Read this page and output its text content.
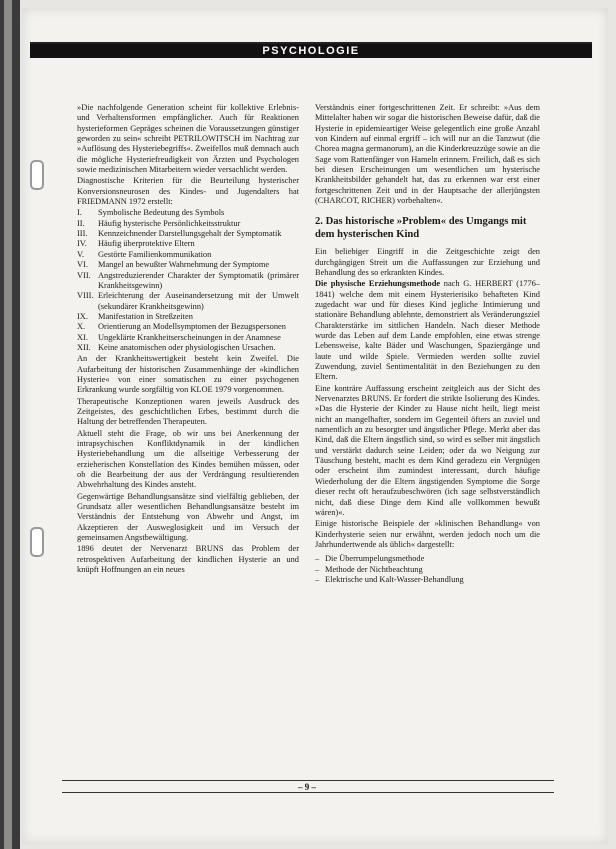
PSYCHOLOGIE

»Die nachfolgende Generation scheint für kollektive Erlebnis- und Verhaltensformen empfänglicher. Auch für Reaktionen hysterieformen Gepräges scheinen die Voraussetzungen günstiger geworden zu sein« schreibt PETRILOWITSCH im Nachtrag zur »Auflösung des Hysteriebegriffs«. Zweifellos muß demnach auch die mögliche Hysteriefreudigkeit von Ärzten und Psychologen sowie medizinischen Mitarbeitern wieder versachlicht werden.

Diagnostische Kriterien für die Beurteilung hysterischer Konversionsneurosen des Kindes- und Jugendalters hat FRIEDMANN 1972 erstellt:

I. Symbolische Bedeutung des Symbols
II. Häufig hysterische Persönlichkeitsstruktur
III. Kennzeichnender Darstellungsgehalt der Symptomatik
IV. Häufig überprotektive Eltern
V. Gestörte Familienkommunikation
VI. Mangel an bewußter Wahrnehmung der Symptome
VII. Angstreduzierender Charakter der Symptomatik (primärer Krankheitsgewinn)
VIII. Erleichterung der Auseinandersetzung mit der Umwelt (sekundärer Krankheitsgewinn)
IX. Manifestation in Streßzeiten
X. Orientierung an Modellsymptomen der Bezugspersonen
XI. Ungeklärte Krankheitserscheinungen in der Anamnese
XII. Keine anatomischen oder physiologischen Ursachen.

An der Krankheitswertigkeit besteht kein Zweifel. Die Aufarbeitung der historischen Zusammenhänge der »kindlichen Hysterie« von einer somatischen zu einer psychogenen Erkrankung wurde sorgfältig von KLOE 1979 vorgenommen.

Therapeutische Konzeptionen waren jeweils Ausdruck des Zeitgeistes, des geschichtlichen Erbes, bestimmt durch die Haltung der betreffenden Therapeuten.

Aktuell steht die Frage, ob wir uns bei Anerkennung der intrapsychischen Konfliktdynamik in der kindlichen Hysteriebehandlung um die allseitige Verbesserung der erzieherischen Konstellation des Kindes bemühen müssen, oder ob die Bearbeitung der aus der Verdrängung resultierenden Abwehrhaltung des Kindes ansteht.

Gegenwärtige Behandlungsansätze sind vielfältig geblieben, der Grundsatz aller wesentlichen Behandlungsansätze besteht im Verständnis der Entstehung von Abwehr und Angst, im Akzeptieren der Ausweglosigkeit und im Versuch der gemeinsamen Angstbewältigung.

1896 deutet der Nervenarzt BRUNS das Problem der retrospektiven Aufarbeitung der kindlichen Hysterie an und knüpft Hoffnungen an ein neues

Verständnis einer fortgeschrittenen Zeit. Er schreibt: »Aus dem Mittelalter haben wir sogar die historischen Beweise dafür, daß die Hysterie in epidemieartiger Weise gelegentlich eine große Anzahl von Kindern auf einmal ergriff – ich will nur an die Tanzwut (die Chorea magna germanorum), an die Kinderkreuzzüge sowie an die Sage vom Rattenfänger von Hameln erinnern. Freilich, daß es sich bei diesen Erscheinungen um wesentlichen um hysterische Krankheitsbilder gehandelt hat, das zu erkennen war erst einer fortgeschrittenen Zeit und in der Hauptsache der allerjüngsten (CHARCOT, RICHER) vorbehalten«.

2. Das historische »Problem« des Umgangs mit dem hysterischen Kind

Ein beliebiger Eingriff in die Zeitgeschichte zeigt den durchgängigen Streit um die Auffassungen zur Erziehung und Behandlung des so erkrankten Kindes.

Die physische Erziehungsmethode nach G. HERBERT (1776–1841) welche dem mit einem Hysterierisiko behafteten Kind zugedacht war und für dieses Kind jegliche Intimierung und stationäre Behandlung ablehnte, demonstriert als Veränderungsziel Charakterstärke im sittlichen Handeln. Nach dieser Methode wurde das Leben auf dem Lande empfohlen, eine etwas strenge Lebensweise, kalte Bäder und Waschungen, Spaziergänge und laute und wilde Spiele. Vermieden werden sollte zuviel Zuwendung, zuviel Sentimentalität in den Beziehungen zu den Eltern.

Eine konträre Auffassung erscheint zeitgleich aus der Sicht des Nervenarztes BRUNS. Er fordert die strikte Isolierung des Kindes. »Das die Hysterie der Kinder zu Hause nicht heilt, liegt meist nicht an mangelhafter, sondern im Gegenteil öfters an zuviel und namentlich an zu besorgter und ängstlicher Pflege. Merkt aber das Kind, daß die Eltern ängstlich sind, so wird es selber mit ängstlich und verstärkt dadurch seine Leiden; oder da wo Neigung zur Täuschung besteht, macht es dem Kind geradezu ein Vergnügen oder erscheint ihm zumindest interessant, durch häufige Wiederholung der die Eltern ängstigenden Symptome die Sorge dieser recht oft heraufzubeschwören (ich sage selbstverständlich nicht, daß diese Dinge dem Kind alle vollkommen bewußt wären)«.

Einige historische Beispiele der »klinischen Behandlung« von Kinderhysterie seien nur erwähnt, werden jedoch noch um die Jahrhundertwende als üblich« dargestellt:

– Die Überrumpelungsmethode
– Methode der Nichtbeachtung
– Elektrische und Kalt-Wasser-Behandlung
– 9 –
